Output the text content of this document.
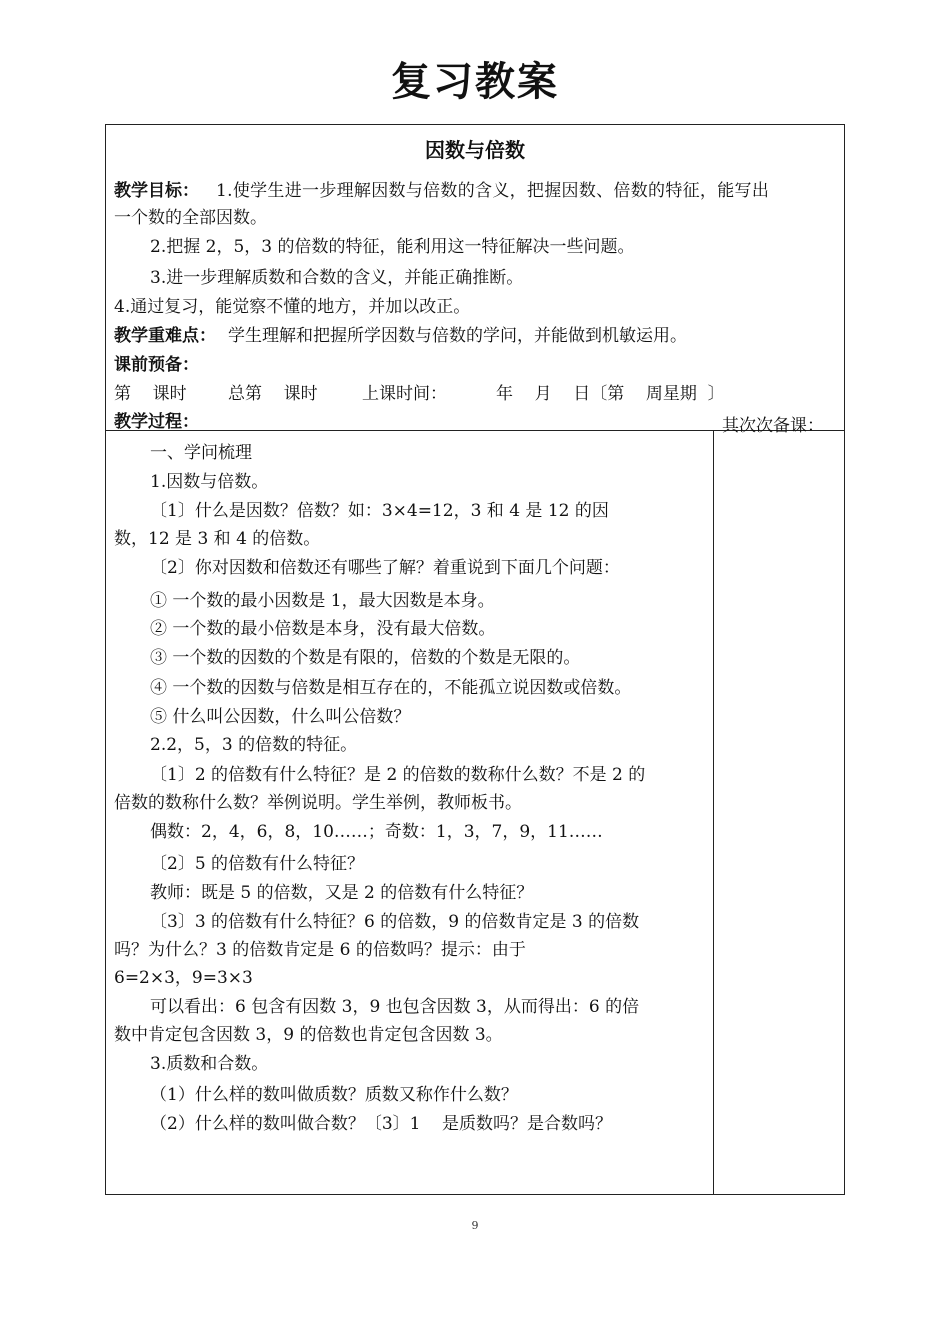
复习教案
因数与倍数
教学目标： 1.使学生进一步理解因数与倍数的含义，把握因数、倍数的特征，能写出
一个数的全部因数。
2.把握 2，5，3 的倍数的特征，能利用这一特征解决一些问题。
3.进一步理解质数和合数的含义，并能正确推断。
4.通过复习，能觉察不懂的地方，并加以改正。
教学重难点： 学生理解和把握所学因数与倍数的学问，并能做到机敏运用。
课前预备：
第    课时 总第    课时	上课时间：	年    月    日〔第    周星期  〕
教学过程：	其次次备课：
一、学问梳理
1.因数与倍数。
〔1〕什么是因数？倍数？如：3×4=12，3 和 4 是 12 的因
数，12 是 3 和 4 的倍数。
〔2〕你对因数和倍数还有哪些了解？着重说到下面几个问题：
① 一个数的最小因数是 1，最大因数是本身。
② 一个数的最小倍数是本身，没有最大倍数。
③ 一个数的因数的个数是有限的，倍数的个数是无限的。
④ 一个数的因数与倍数是相互存在的，不能孤立说因数或倍数。
⑤ 什么叫公因数，什么叫公倍数？
2.2，5，3 的倍数的特征。
〔1〕2 的倍数有什么特征？是 2 的倍数的数称什么数？不是 2 的
倍数的数称什么数？举例说明。学生举例，教师板书。
偶数：2，4，6，8，10……；奇数：1，3，7，9，11……
〔2〕5 的倍数有什么特征？
教师：既是 5 的倍数，又是 2 的倍数有什么特征？
〔3〕3 的倍数有什么特征？6 的倍数，9 的倍数肯定是 3 的倍数
吗？为什么？3 的倍数肯定是 6 的倍数吗？提示：由于
6=2×3，9=3×3
可以看出：6 包含有因数 3，9 也包含因数 3，从而得出：6 的倍
数中肯定包含因数 3，9 的倍数也肯定包含因数 3。
3.质数和合数。
（1）什么样的数叫做质数？质数又称作什么数？
（2）什么样的数叫做合数？〔3〕1    是质数吗？是合数吗？
9
